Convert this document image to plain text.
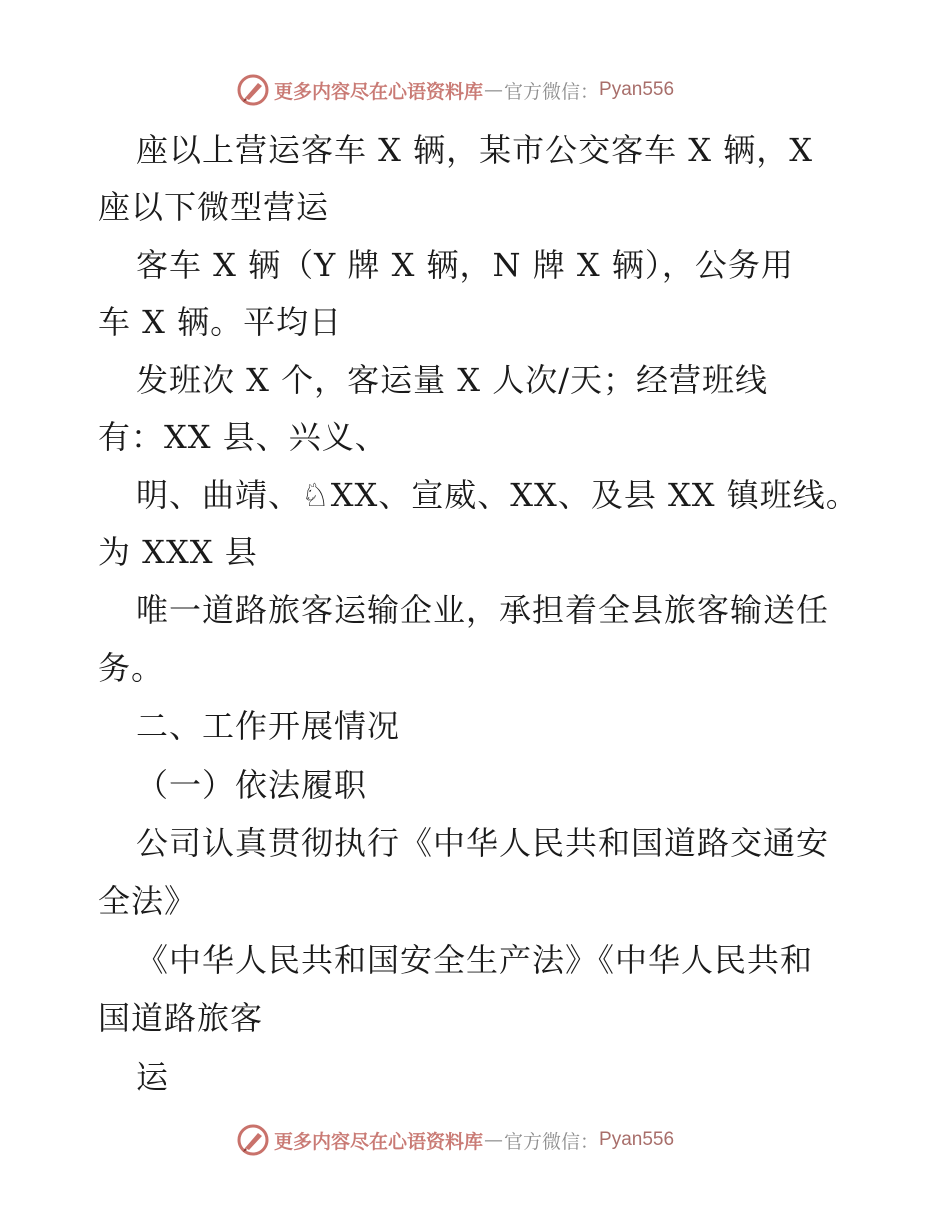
更多内容尽在心语资料库 — 官方微信： Pyan556
座以上营运客车 X 辆，某市公交客车 X 辆，X
座以下微型营运
客车 X 辆（Y 牌 X 辆，N 牌 X 辆），公务用
车 X 辆。平均日
发班次 X 个，客运量 X 人次/天；经营班线
有：XX 县、兴义、
明、曲靖、♘XX、宣威、XX、及县 XX 镇班线。
为 XXX 县
唯一道路旅客运输企业，承担着全县旅客输送任
务。
二、工作开展情况
（一）依法履职
公司认真贯彻执行《中华人民共和国道路交通安
全法》
《中华人民共和国安全生产法》《中华人民共和
国道路旅客
运
更多内容尽在心语资料库 — 官方微信： Pyan556
